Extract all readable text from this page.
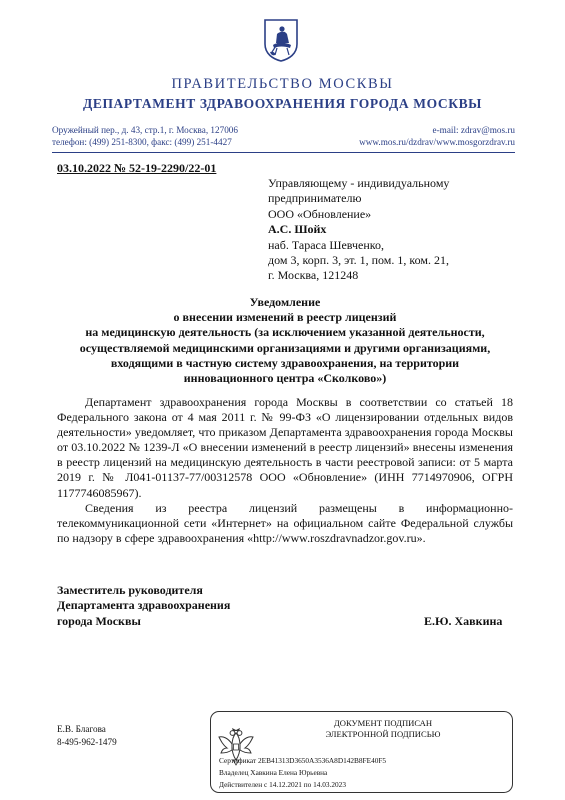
ПРАВИТЕЛЬСТВО МОСКВЫ
ДЕПАРТАМЕНТ ЗДРАВООХРАНЕНИЯ ГОРОДА МОСКВЫ
Оружейный пер., д. 43, стр.1, г. Москва, 127006
телефон: (499) 251-8300, факс: (499) 251-4427
e-mail: zdrav@mos.ru
www.mos.ru/dzdrav/www.mosgorzdrav.ru
03.10.2022 № 52-19-2290/22-01
Управляющему - индивидуальному
предпринимателю
ООО «Обновление»
А.С. Шойх
наб. Тараса Шевченко,
дом 3, корп. 3, эт. 1, пом. 1, ком. 21,
г. Москва, 121248
Уведомление
о внесении изменений в реестр лицензий
на медицинскую деятельность (за исключением указанной деятельности,
осуществляемой медицинскими организациями и другими организациями,
входящими в частную систему здравоохранения, на территории
инновационного центра «Сколково»)

Департамент здравоохранения города Москвы в соответствии со статьей 18 Федерального закона от 4 мая 2011 г. № 99-ФЗ «О лицензировании отдельных видов деятельности» уведомляет, что приказом Департамента здравоохранения города Москвы от 03.10.2022 № 1239-Л «О внесении изменений в реестр лицензий» внесены изменения в реестр лицензий на медицинскую деятельность в части реестровой записи: от 5 марта 2019 г. № Л041-01137-77/00312578 ООО «Обновление» (ИНН 7714970906, ОГРН 1177746085967).

Сведения из реестра лицензий размещены в информационно-телекоммуникационной сети «Интернет» на официальном сайте Федеральной службы по надзору в сфере здравоохранения «http://www.roszdravnadzor.gov.ru».

Заместитель руководителя
Департамента здравоохранения
города Москвы	Е.Ю. Хавкина
Е.В. Благова
8-495-962-1479
ДОКУМЕНТ ПОДПИСАН
ЭЛЕКТРОННОЙ ПОДПИСЬЮ
Сертификат 2EB41313D3650A3536A8D142B8FE40F5
Владелец Хавкина Елена Юрьевна
Действителен с 14.12.2021 по 14.03.2023
